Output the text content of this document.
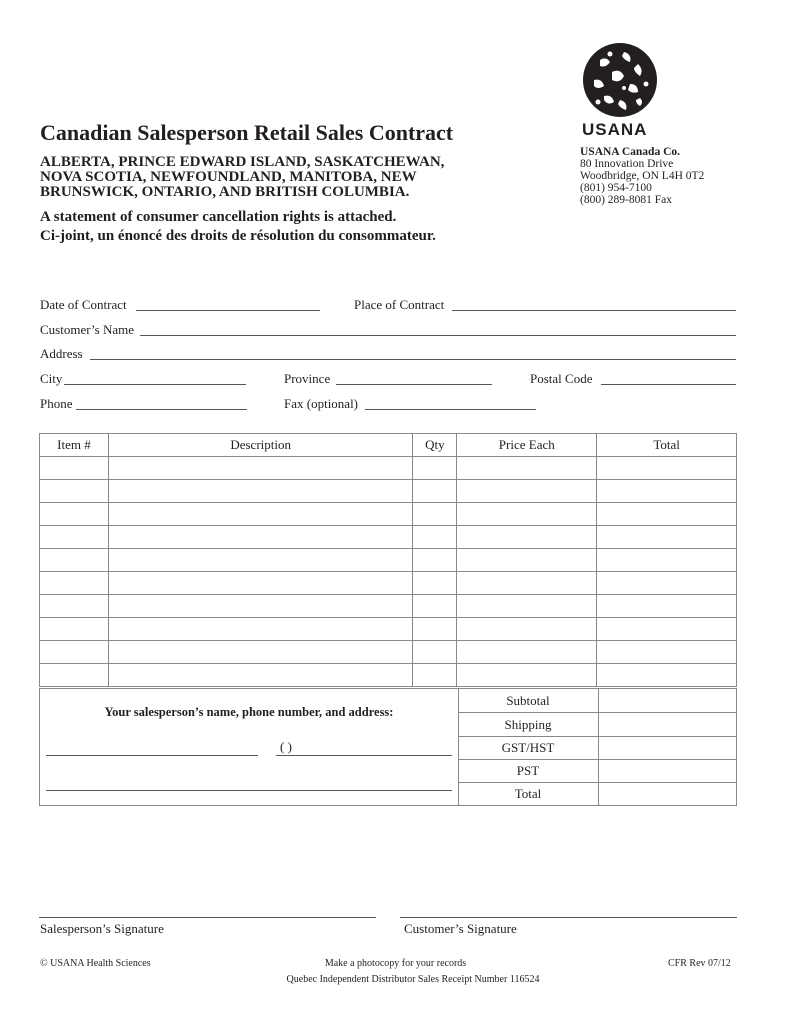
Canadian Salesperson Retail Sales Contract
ALBERTA, PRINCE EDWARD ISLAND, SASKATCHEWAN,
NOVA SCOTIA, NEWFOUNDLAND, MANITOBA, NEW
BRUNSWICK, ONTARIO, AND BRITISH COLUMBIA.
A statement of consumer cancellation rights is attached.
Ci-joint, un énoncé des droits de résolution du consommateur.
USANA
USANA Canada Co.
80 Innovation Drive
Woodbridge, ON L4H 0T2
(801) 954-7100
(800) 289-8081 Fax
Date of Contract	Place of Contract
Customer’s Name
Address
City	Province	Postal Code
Phone	Fax (optional)
Item #	Description	Qty	Price Each	Total

Your salesperson’s name, phone number, and address:
( )
Subtotal
Shipping
GST/HST
PST
Total
Salesperson’s Signature	Customer’s Signature
© USANA Health Sciences	Make a photocopy for your records
Quebec Independent Distributor Sales Receipt Number 116524
CFR Rev 07/12
